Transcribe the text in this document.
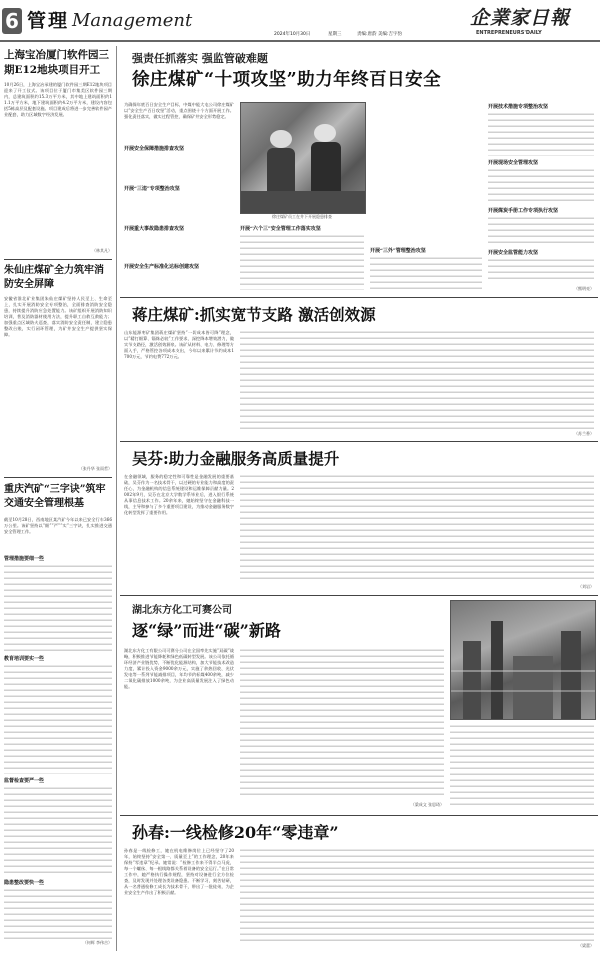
6 管理 Management
2024年10月30日	星期三	责编:唐韵 美编:吉宇豹
企業家日報
ENTREPRENEURS'DAILY
上海宝冶厦门软件园三期E12地块项目开工
10月26日，上海宝冶承建的厦门软件园三期E12地块项目迎来了开工仪式。该项目位于厦门市集美区软件园三期内，总建筑面积约15.3万平方米，其中地上建筑面积约11.1万平方米，地下建筑面积约4.2万平方米，建设内容包括5栋高层及配套设施。项目建成后将进一步完善软件园产业配套，助力区域数字经济发展。
（林其凡）
朱仙庄煤矿全力筑牢消防安全屏障
安徽省淮北矿业集团朱仙庄煤矿坚持人民至上、生命至上，扎实开展消防安全专项整治，全面排查消防安全隐患，持续提升消防应急处置能力。该矿组织开展消防知识培训，普及消防器材使用方法，提升职工自救互救能力；加强重点区域防火巡查，落实消防安全责任制，建立隐患整改台账，实行闭环管理，为矿井安全生产提供坚实保障。
（张丹华 张雨哲）
重庆汽矿“三字诀”筑牢交通安全管理根基
截至10月28日，西南地区某汽矿今年以来已安全行车366万公里。该矿坚持以“细”“严”“实”三字诀，扎实推进交通安全管理工作。
管理措施要细一些
教育培训要实一些
监督检查要严一些
隐患整改要快一些
（何辉 李伟吉）
强责任抓落实 强监管破难题
徐庄煤矿“十项攻坚”助力年终百日安全
为确保年底百日安全生产目标，中煤中能大屯公司徐庄煤矿以“安全生产百日攻坚”活动，重点围绕十个方面开展工作。强化责任落实，做实过程管控，确保矿井安全形势稳定。
开展安全保障措施排查攻坚
开展“三违”专项整治攻坚
开展重大事故隐患排查攻坚
开展安全生产标准化达标创建攻坚
徐庄煤矿员工在井下开展隐患排查
开展“六个三”安全管理工作落实攻坚
开展“三外”管理整治攻坚
开展技术措施专项整治攻坚
开展现场安全管理攻坚
开展煤炭手册工作专项执行攻坚
开展安全监管能力攻坚
（熊明亮）
蒋庄煤矿:抓实宽节支路 激活创效源
山东能源枣矿集团蒋庄煤矿坚持“一切成本皆可降”理念，以“精打细算、锱铢必较”工作要求，深挖降本增效潜力，做实节支路径，激活创效源泉。该矿从材料、电力、修理等方面入手，严格管控各项成本支出，今年以来累计节约成本1700万元，节约电费772万元。
（苏兰香）
吴芬:助力金融服务高质量提升
在金融领域，服务的稳定性和可靠性是金融发展的重要基础，吴芬作为一名技术骨干，以过硬的专业能力和高度的责任心，为金融机构的信息系统建设和运维保障贡献力量。2002年9月，吴芬在北京大学数学系毕业后，进入银行系统从事信息技术工作。20余年来，她始终坚守在金融科技一线，主导和参与了多个重要项目建设，为推动金融服务数字化转型发挥了重要作用。
（刘岩）
湖北东方化工可赛公司
逐“绿”而进“碳”新路
湖北东方化工有限公司可赛分公司在全国率先实施“双碳”战略，积极推进节能降耗和绿色低碳转型发展。该公司依托循环经济产业链优势，不断优化能源结构，加大节能技术改造力度，累计投入资金9000余万元，实施了余热回收、光伏发电等一系列节能减排项目，年均节约标煤400余吨，减少二氧化碳排放1000余吨，为企业高质量发展注入了绿色动能。
（梁成文 张思琦）
孙春:一线检修20年“零违章”
孙春是一线检修工，她在机电维修岗位上已经坚守了20年，始终坚持“安全第一、质量至上”的工作理念，20年来保持“零违章”纪录。她常说：“检修工作来不得半点马虎，每一个螺丝、每一根线路都关系着设备的安全运行。”在日常工作中，她严格执行操作规程，坚持对设备进行全方位检查，及时发现并处理各类设备隐患。不断学习，刻苦钻研，从一名普通检修工成长为技术骨干，带出了一批徒弟，为企业安全生产作出了积极贡献。
（梁蕾）
